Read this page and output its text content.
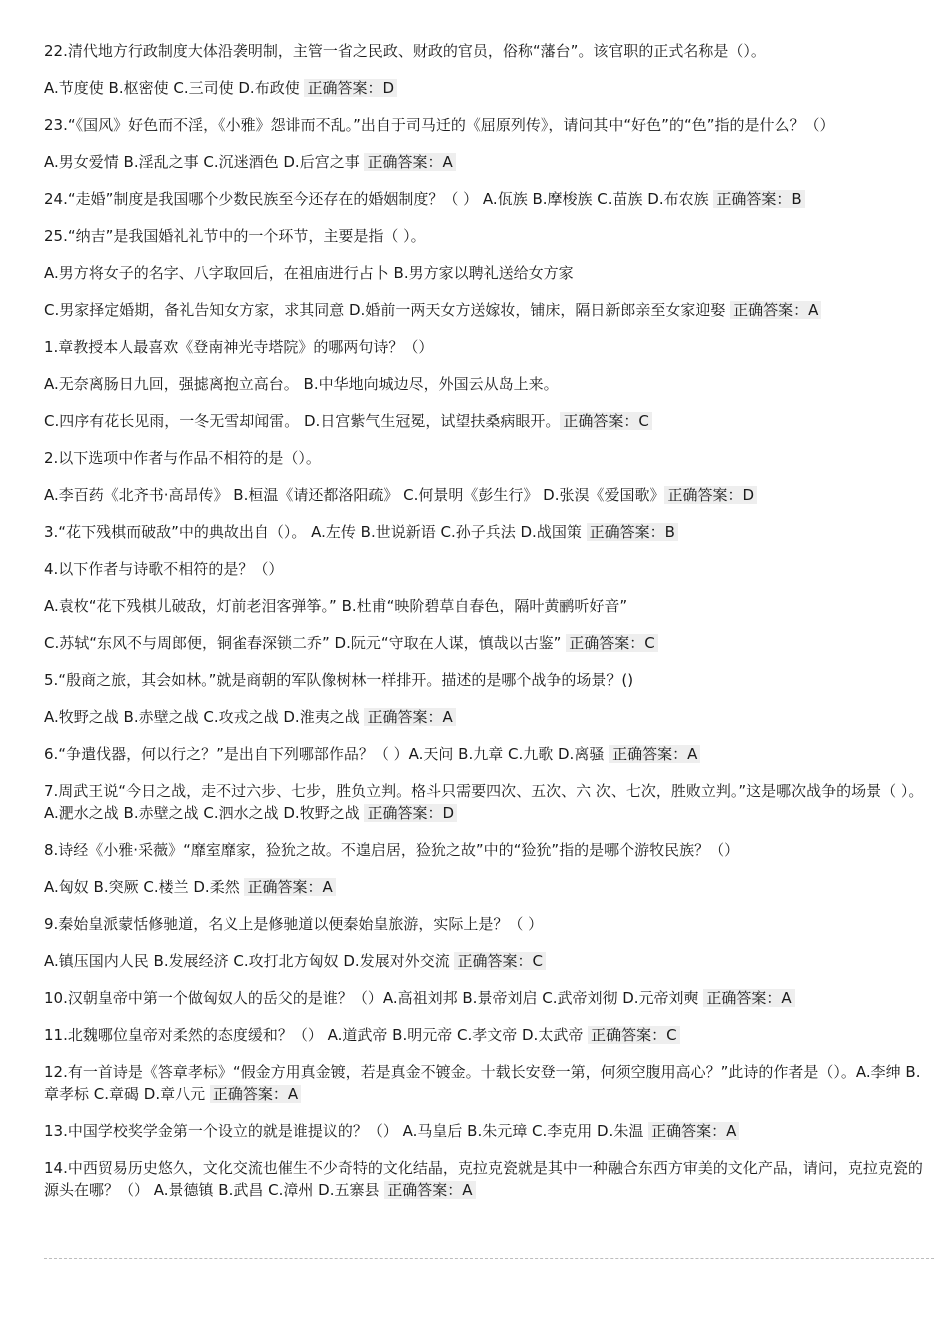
22.清代地方行政制度大体沿袭明制，主管一省之民政、财政的官员，俗称“藩台”。该官职的正式名称是（）。
A.节度使 B.枢密使 C.三司使 D.布政使 正确答案：D
23.“《国风》好色而不淫，《小雅》怨诽而不乱。”出自于司马迁的《屈原列传》，请问其中“好色”的“色”指的是什么？（）
A.男女爱情 B.淫乱之事 C.沉迷酒色 D.后宫之事 正确答案：A
24.“走婚”制度是我国哪个少数民族至今还存在的婚姻制度？（ ） A.佤族 B.摩梭族 C.苗族 D.布农族 正确答案：B
25.“纳吉”是我国婚礼礼节中的一个环节，主要是指（ ）。
A.男方将女子的名字、八字取回后，在祖庙进行占卜 B.男方家以聘礼送给女方家
C.男家择定婚期，备礼告知女方家，求其同意 D.婚前一两天女方送嫁妆，铺床，隔日新郎亲至女家迎娶 正确答案：A
1.章教授本人最喜欢《登南神光寺塔院》的哪两句诗？（）
A.无奈离肠日九回，强摅离抱立高台。 B.中华地向城边尽，外国云从岛上来。
C.四序有花长见雨，一冬无雪却闻雷。 D.日宫紫气生冠冕，试望扶桑病眼开。 正确答案：C
2.以下选项中作者与作品不相符的是（）。
A.李百药《北齐书·高昂传》 B.桓温《请还都洛阳疏》 C.何景明《彭生行》 D.张淏《爱国歌》 正确答案：D
3.“花下残棋而破敌”中的典故出自（）。 A.左传 B.世说新语 C.孙子兵法 D.战国策 正确答案：B
4.以下作者与诗歌不相符的是？（）
A.袁枚“花下残棋儿破敌，灯前老泪客弹筝。” B.杜甫“映阶碧草自春色，隔叶黄鹂听好音”
C.苏轼“东风不与周郎便，铜雀春深锁二乔” D.阮元“守取在人谋，慎哉以古鉴” 正确答案：C
5.“殷商之旅，其会如林。”就是商朝的军队像树林一样排开。描述的是哪个战争的场景？()
A.牧野之战 B.赤壁之战 C.攻戎之战 D.淮夷之战 正确答案：A
6.“争遣伐器，何以行之？”是出自下列哪部作品？（ ）A.天问 B.九章 C.九歌 D.离骚 正确答案：A
7.周武王说“今日之战，走不过六步、七步，胜负立判。格斗只需要四次、五次、六 次、七次，胜败立判。”这是哪次战争的场景（ ）。 A.淝水之战 B.赤壁之战 C.泗水之战 D.牧野之战 正确答案：D
8.诗经《小雅·采薇》“靡室靡家，猃狁之故。不遑启居，猃狁之故”中的“猃狁”指的是哪个游牧民族？（）
A.匈奴 B.突厥 C.楼兰 D.柔然 正确答案：A
9.秦始皇派蒙恬修驰道，名义上是修驰道以便秦始皇旅游，实际上是？（ ）
A.镇压国内人民 B.发展经济 C.攻打北方匈奴 D.发展对外交流 正确答案：C
10.汉朝皇帝中第一个做匈奴人的岳父的是谁？（）A.高祖刘邦 B.景帝刘启 C.武帝刘彻 D.元帝刘奭 正确答案：A
11.北魏哪位皇帝对柔然的态度缓和？（） A.道武帝 B.明元帝 C.孝文帝 D.太武帝 正确答案：C
12.有一首诗是《答章孝标》“假金方用真金镀，若是真金不镀金。十载长安登一第，何须空腹用高心？”此诗的作者是（）。A.李绅 B.章孝标 C.章碣 D.章八元 正确答案：A
13.中国学校奖学金第一个设立的就是谁提议的？（） A.马皇后 B.朱元璋 C.李克用 D.朱温 正确答案：A
14.中西贸易历史悠久，文化交流也催生不少奇特的文化结晶，克拉克瓷就是其中一种融合东西方审美的文化产品，请问，克拉克瓷的源头在哪？（） A.景德镇 B.武昌 C.漳州 D.五寨县 正确答案：A
